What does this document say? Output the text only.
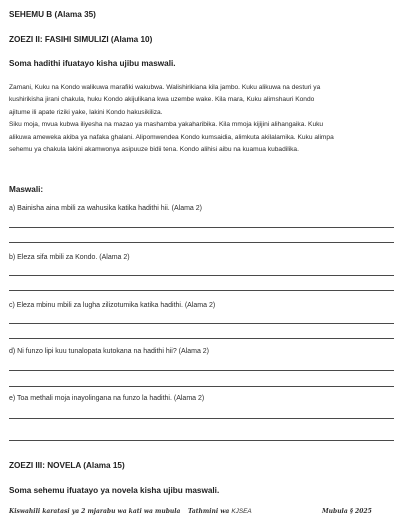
SEHEMU B (Alama 35)
ZOEZI II: FASIHI SIMULIZI (Alama 10)
Soma hadithi ifuatayo kisha ujibu maswali.
Zamani, Kuku na Kondo walikuwa marafiki wakubwa. Walishirikiana kila jambo. Kuku alikuwa na desturi ya
kushirikisha jirani chakula, huku Kondo akijulikana kwa uzembe wake. Kila mara, Kuku alimshauri Kondo
ajitume ili apate riziki yake, lakini Kondo hakusikiliza.
Siku moja, mvua kubwa iliyesha na mazao ya mashamba yakaharibika. Kila mmoja kijijini alihangaika. Kuku
alikuwa ameweka akiba ya nafaka ghalani. Alipomwendea Kondo kumsaidia, alimkuta akilalamika. Kuku alimpa
sehemu ya chakula lakini akamwonya asipuuze bidii tena. Kondo alihisi aibu na kuamua kubadilika.
Maswali:
a) Bainisha aina mbili za wahusika katika hadithi hii. (Alama 2)
b) Eleza sifa mbili za Kondo. (Alama 2)
c) Eleza mbinu mbili za lugha zilizotumika katika hadithi. (Alama 2)
d) Ni funzo lipi kuu tunalopata kutokana na hadithi hii? (Alama 2)
e) Toa methali moja inayolingana na funzo la hadithi. (Alama 2)
ZOEZI III: NOVELA (Alama 15)
Soma sehemu ifuatayo ya novela kisha ujibu maswali.
Kiswahili karatasi ya 2 mjarabu wa kati wa mubula Tathmini wa KJSEA	Mubula § 2025
